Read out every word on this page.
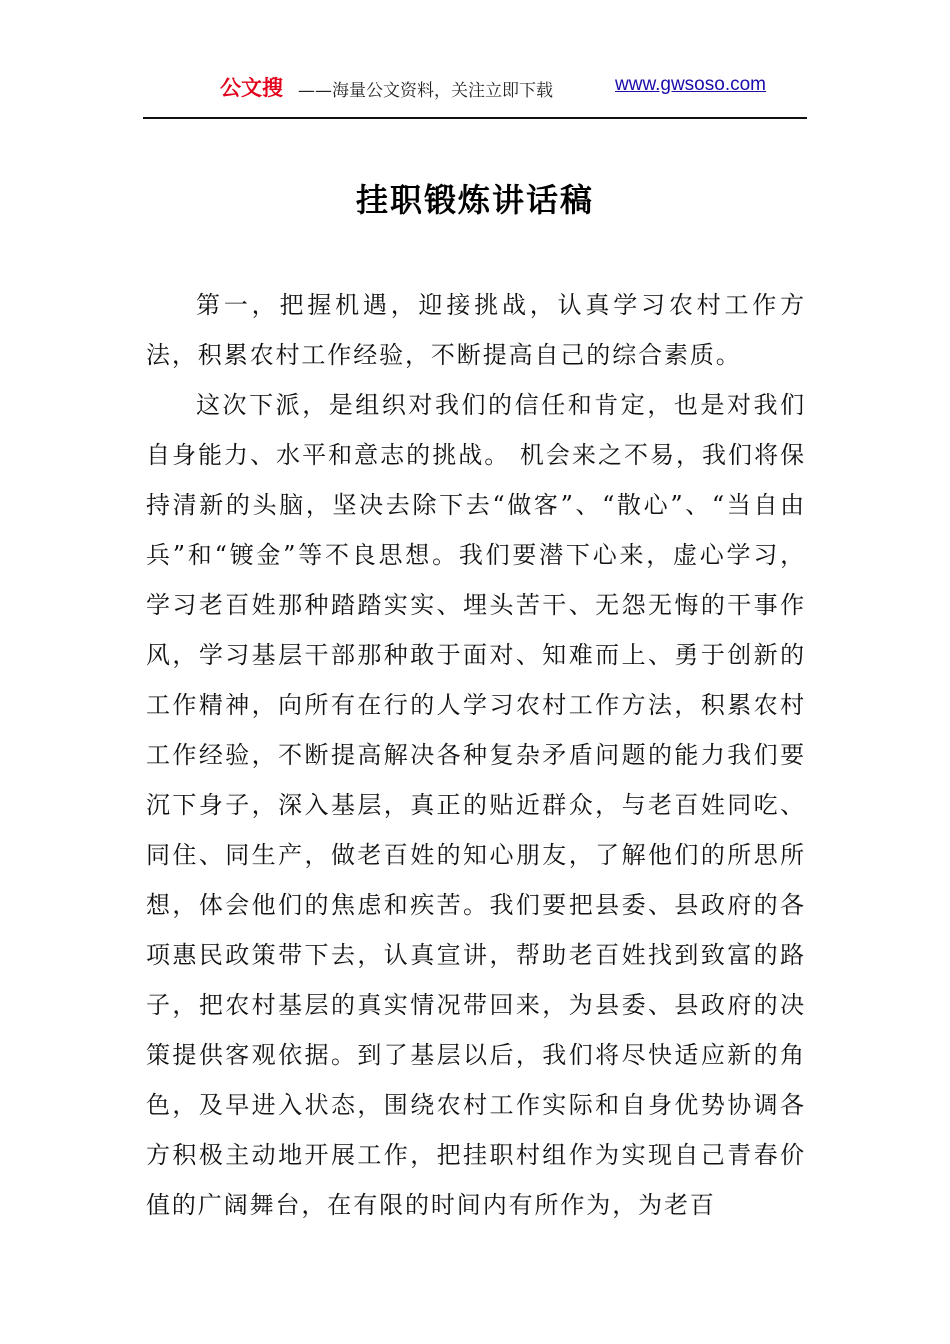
公文搜 ——海量公文资料，关注立即下载	www.gwsoso.com
挂职锻炼讲话稿

第一，把握机遇，迎接挑战，认真学习农村工作方法，积累农村工作经验，不断提高自己的综合素质。

这次下派，是组织对我们的信任和肯定，也是对我们自身能力、水平和意志的挑战。 机会来之不易，我们将保持清新的头脑，坚决去除下去“做客”、“散心”、“当自由兵”和“镀金”等不良思想。我们要潜下心来，虚心学习，学习老百姓那种踏踏实实、埋头苦干、无怨无悔的干事作风，学习基层干部那种敢于面对、知难而上、勇于创新的工作精神，向所有在行的人学习农村工作方法，积累农村工作经验，不断提高解决各种复杂矛盾问题的能力我们要沉下身子，深入基层，真正的贴近群众，与老百姓同吃、同住、同生产，做老百姓的知心朋友，了解他们的所思所想，体会他们的焦虑和疾苦。我们要把县委、县政府的各项惠民政策带下去，认真宣讲，帮助老百姓找到致富的路子，把农村基层的真实情况带回来，为县委、县政府的决策提供客观依据。到了基层以后，我们将尽快适应新的角色，及早进入状态，围绕农村工作实际和自身优势协调各方积极主动地开展工作，把挂职村组作为实现自己青春价值的广阔舞台，在有限的时间内有所作为，为老百
